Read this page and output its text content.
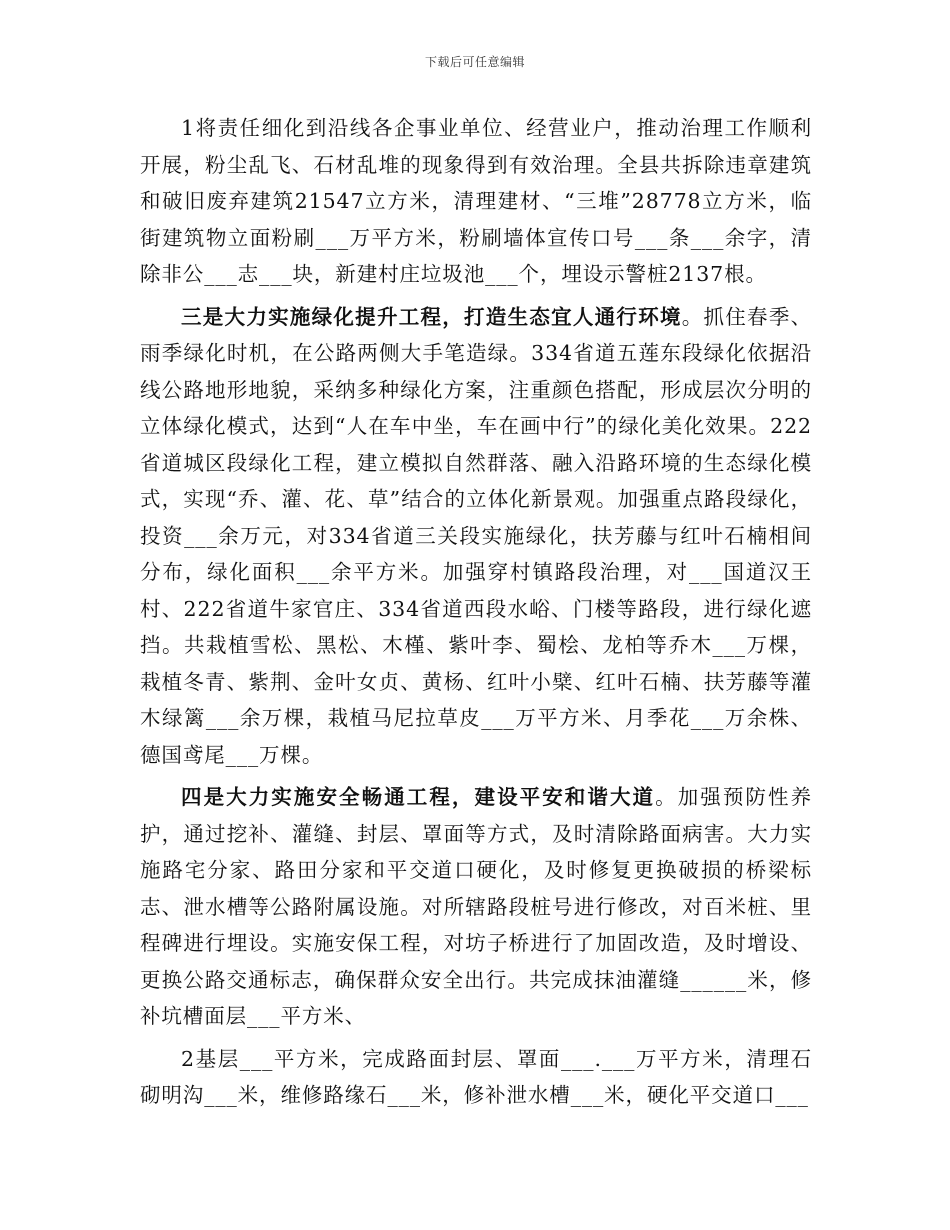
下载后可任意编辑

1将责任细化到沿线各企事业单位、经营业户，推动治理工作顺利开展，粉尘乱飞、石材乱堆的现象得到有效治理。全县共拆除违章建筑和破旧废弃建筑21547立方米，清理建材、“三堆”28778立方米，临街建筑物立面粉刷___万平方米，粉刷墙体宣传口号___条___余字，清除非公___志___块，新建村庄垃圾池___个，埋设示警桩2137根。

三是大力实施绿化提升工程，打造生态宜人通行环境。抓住春季、雨季绿化时机，在公路两侧大手笔造绿。334省道五莲东段绿化依据沿线公路地形地貌，采纳多种绿化方案，注重颜色搭配，形成层次分明的立体绿化模式，达到“人在车中坐，车在画中行”的绿化美化效果。222省道城区段绿化工程，建立模拟自然群落、融入沿路环境的生态绿化模式，实现“乔、灌、花、草”结合的立体化新景观。加强重点路段绿化，投资___余万元，对334省道三关段实施绿化，扶芳藤与红叶石楠相间分布，绿化面积___余平方米。加强穿村镇路段治理，对___国道汉王村、222省道牛家官庄、334省道西段水峪、门楼等路段，进行绿化遮挡。共栽植雪松、黑松、木槿、紫叶李、蜀桧、龙柏等乔木___万棵，栽植冬青、紫荆、金叶女贞、黄杨、红叶小檗、红叶石楠、扶芳藤等灌木绿篱___余万棵，栽植马尼拉草皮___万平方米、月季花___万余株、德国鸢尾___万棵。

四是大力实施安全畅通工程，建设平安和谐大道。加强预防性养护，通过挖补、灌缝、封层、罩面等方式，及时清除路面病害。大力实施路宅分家、路田分家和平交道口硬化，及时修复更换破损的桥梁标志、泄水槽等公路附属设施。对所辖路段桩号进行修改，对百米桩、里程碑进行埋设。实施安保工程，对坊子桥进行了加固改造，及时增设、更换公路交通标志，确保群众安全出行。共完成抹油灌缝______米，修补坑槽面层___平方米、

2基层___平方米，完成路面封层、罩面___.___万平方米，清理石砌明沟___米，维修路缘石___米，修补泄水槽___米，硬化平交道口___
